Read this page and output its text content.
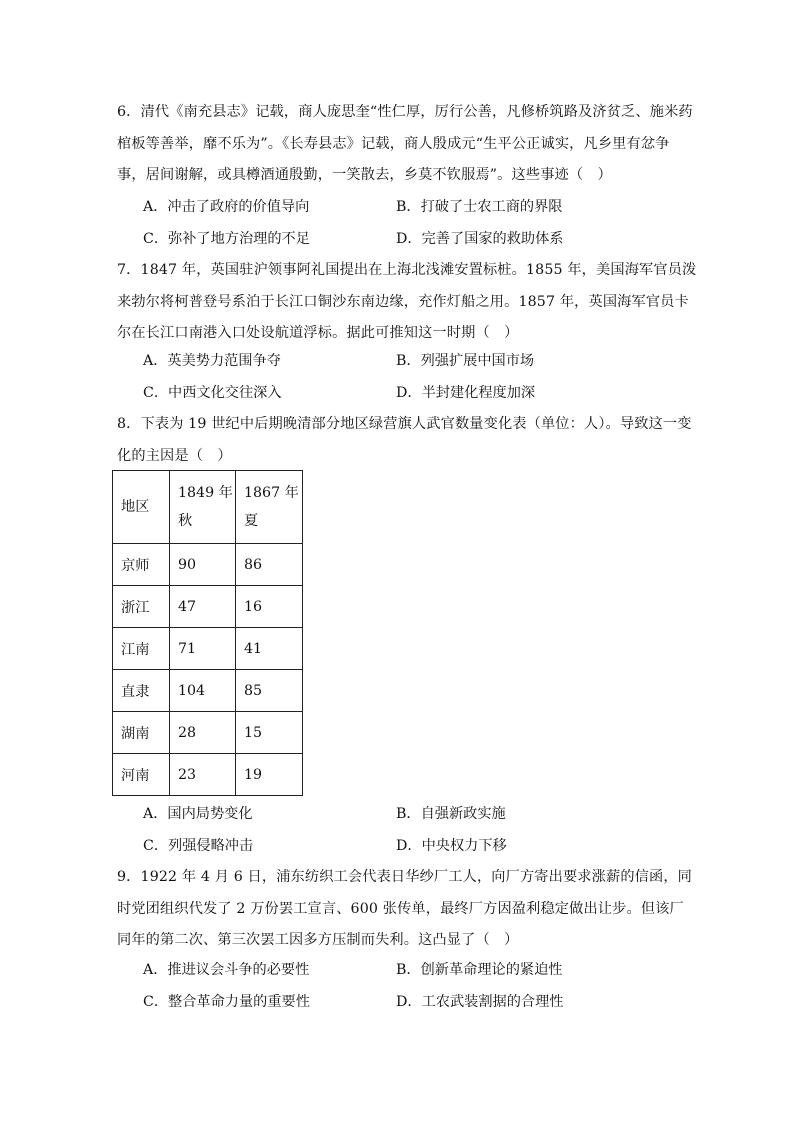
6．清代《南充县志》记载，商人庞思奎“性仁厚，厉行公善，凡修桥筑路及济贫乏、施米药棺板等善举，靡不乐为”。《长寿县志》记载，商人殷成元“生平公正诚实，凡乡里有忿争事，居间谢解，或具樽酒通殷勤，一笑散去，乡莫不钦服焉”。这些事迹（　）

A．冲击了政府的价值导向	B．打破了士农工商的界限
C．弥补了地方治理的不足	D．完善了国家的救助体系

7．1847 年，英国驻沪领事阿礼国提出在上海北浅滩安置标桩。1855 年，美国海军官员泼来勃尔将柯普登号系泊于长江口铜沙东南边缘，充作灯船之用。1857 年，英国海军官员卡尔在长江口南港入口处设航道浮标。据此可推知这一时期（　）

A．英美势力范围争夺	B．列强扩展中国市场
C．中西文化交往深入	D．半封建化程度加深

8．下表为 19 世纪中后期晚清部分地区绿营旗人武官数量变化表（单位：人）。导致这一变化的主因是（　）

地区	1849 年秋	1867 年夏
京师	90	86
浙江	47	16
江南	71	41
直隶	104	85
湖南	28	15
河南	23	19
A．国内局势变化	B．自强新政实施
C．列强侵略冲击	D．中央权力下移

9．1922 年 4 月 6 日，浦东纺织工会代表日华纱厂工人，向厂方寄出要求涨薪的信函，同时党团组织代发了 2 万份罢工宣言、600 张传单，最终厂方因盈利稳定做出让步。但该厂同年的第二次、第三次罢工因多方压制而失利。这凸显了（　）

A．推进议会斗争的必要性	B．创新革命理论的紧迫性
C．整合革命力量的重要性	D．工农武装割据的合理性
